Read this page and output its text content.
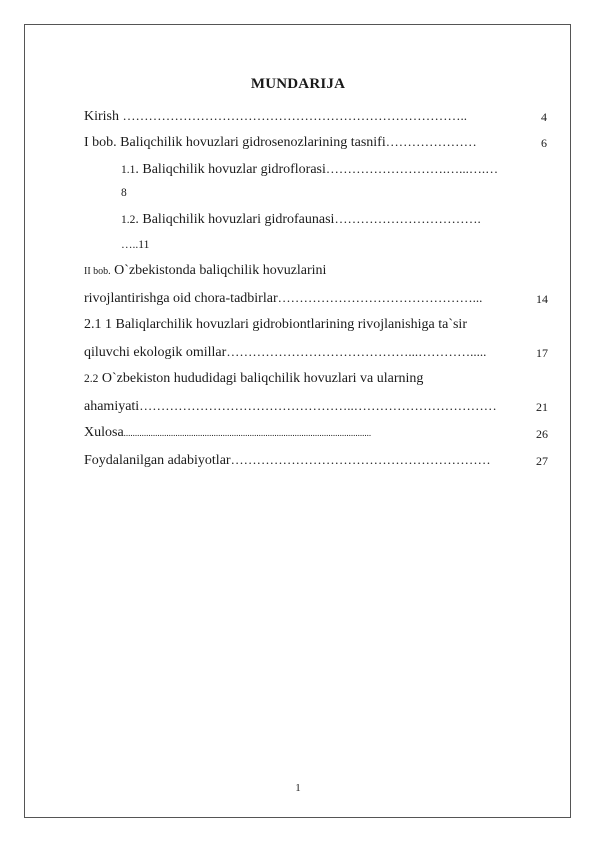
MUNDARIJA
Kirish ……………………………………………………………………..	4
I bob. Baliqchilik hovuzlari gidrosenozlarining tasnifi…………………	6
1.1. Baliqchilik hovuzlar gidroflorasi……………………….…...….…
8
1.2. Baliqchilik hovuzlari gidrofaunasi…………………………….
…..11
II bob. O`zbekistonda baliqchilik hovuzlarini
rivojlantirishga oid chora-tadbirlar………………………………………...	14
2.1 1 Baliqlarchilik hovuzlari gidrobiontlarining rivojlanishiga ta`sir
qiluvchi ekologik omillar……………………………………...………….....	17
2.2 O`zbekiston hududidagi baliqchilik hovuzlari va ularning
ahamiyati…………………………………………..……………………………	21
Xulosa..............................................................................................................	26
Foydalanilgan adabiyotlar……………………………………………………	27
1
